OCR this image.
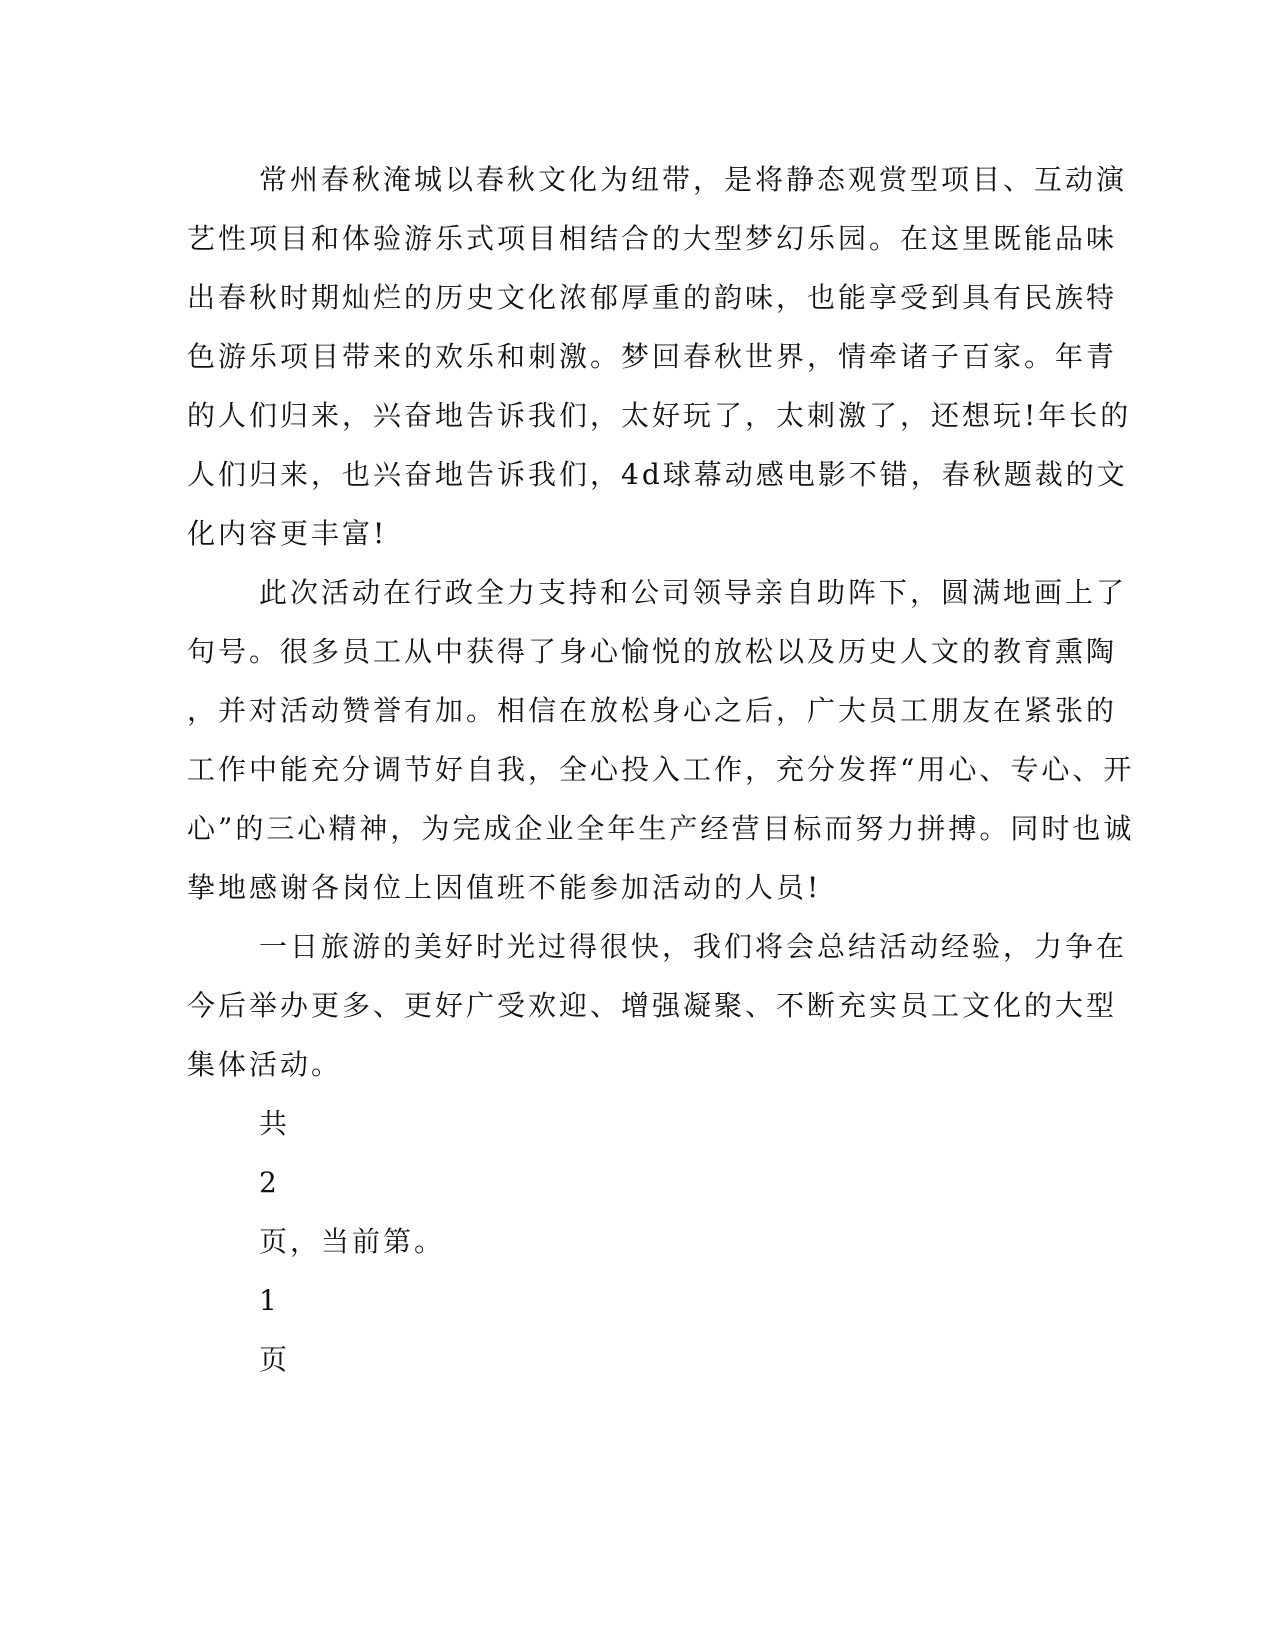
常州春秋淹城以春秋文化为纽带，是将静态观赏型项目、互动演
艺性项目和体验游乐式项目相结合的大型梦幻乐园。在这里既能品味
出春秋时期灿烂的历史文化浓郁厚重的韵味，也能享受到具有民族特
色游乐项目带来的欢乐和刺激。梦回春秋世界，情牵诸子百家。年青
的人们归来，兴奋地告诉我们，太好玩了，太刺激了，还想玩!年长的
人们归来，也兴奋地告诉我们，4d球幕动感电影不错，春秋题裁的文
化内容更丰富!
此次活动在行政全力支持和公司领导亲自助阵下，圆满地画上了
句号。很多员工从中获得了身心愉悦的放松以及历史人文的教育熏陶
，并对活动赞誉有加。相信在放松身心之后，广大员工朋友在紧张的
工作中能充分调节好自我，全心投入工作，充分发挥“用心、专心、开
心”的三心精神，为完成企业全年生产经营目标而努力拼搏。同时也诚
挚地感谢各岗位上因值班不能参加活动的人员!
一日旅游的美好时光过得很快，我们将会总结活动经验，力争在
今后举办更多、更好广受欢迎、增强凝聚、不断充实员工文化的大型
集体活动。
共
2
页，当前第。
1
页
